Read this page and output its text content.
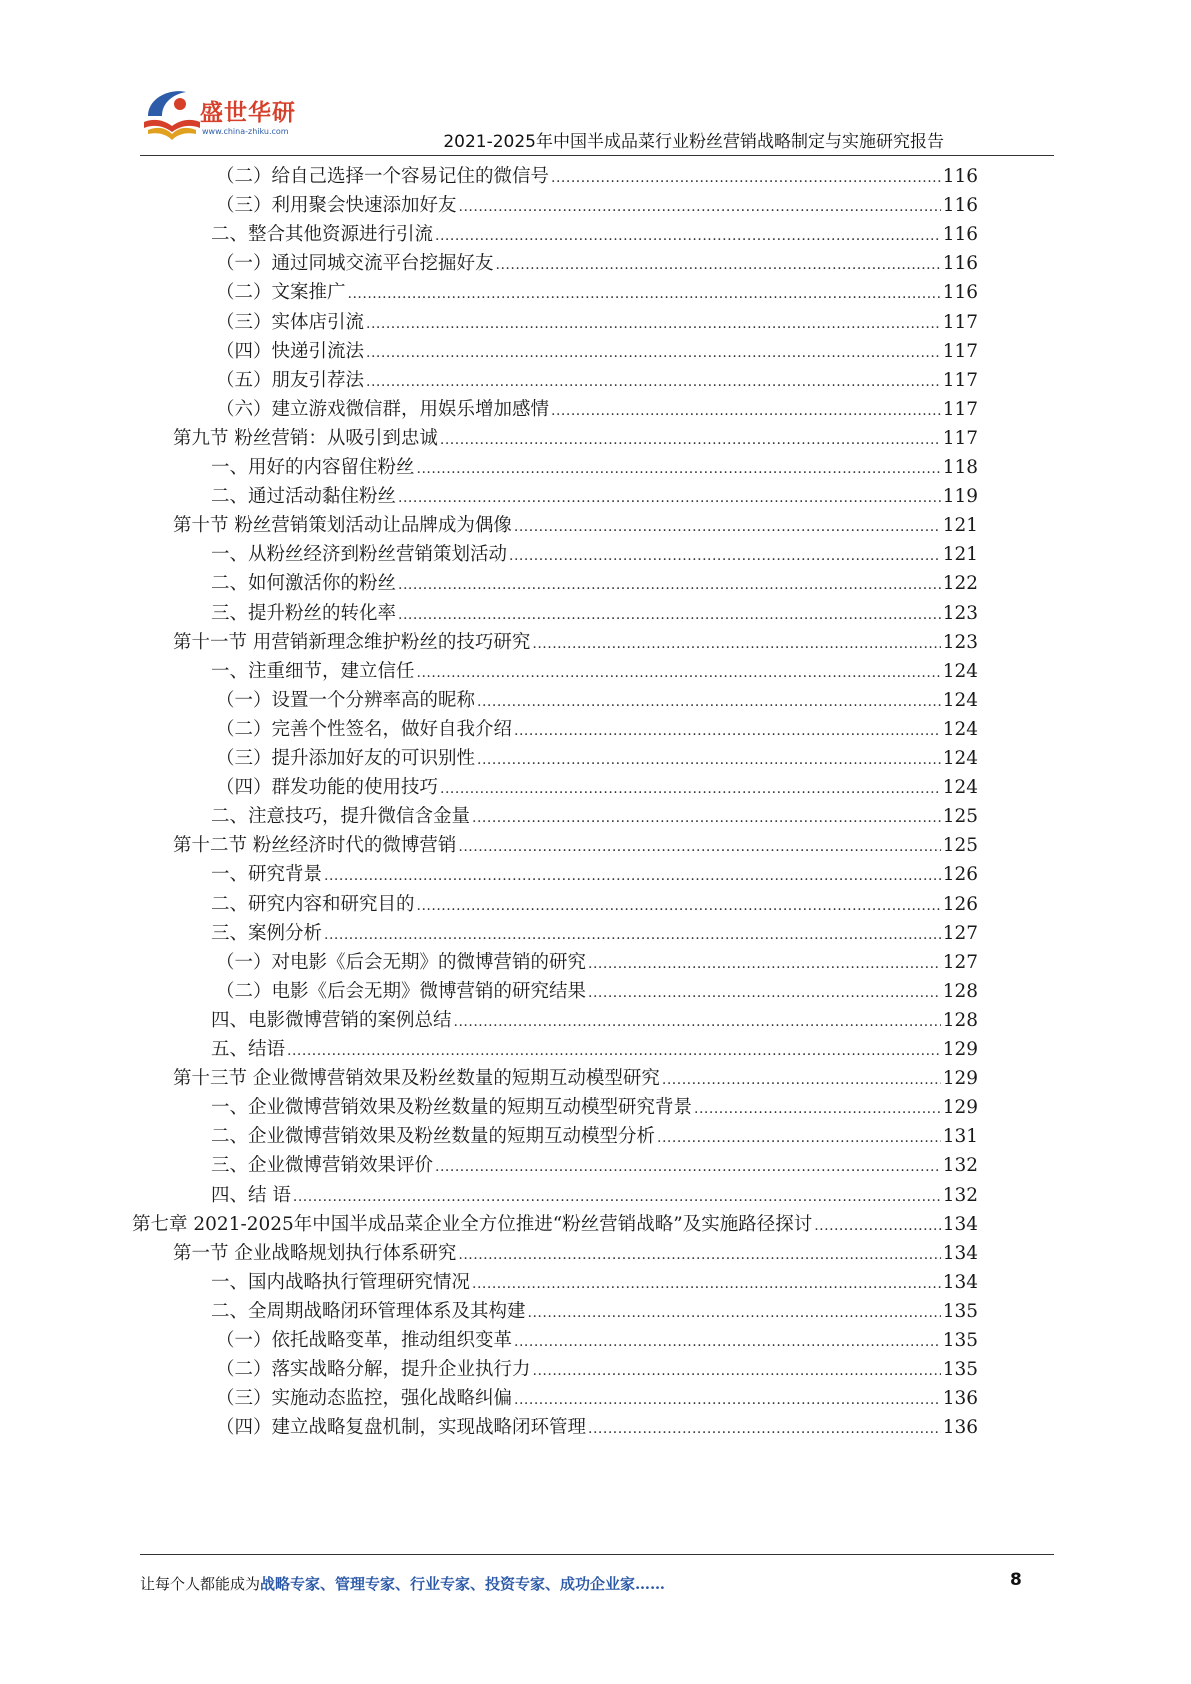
盛世华研
www.china-zhiku.com
2021-2025年中国半成品菜行业粉丝营销战略制定与实施研究报告
（二）给自己选择一个容易记住的微信号 .....	116
（三）利用聚会快速添加好友 .....	116
二、整合其他资源进行引流 .....	116
（一）通过同城交流平台挖掘好友 .....	116
（二）文案推广 .....	116
（三）实体店引流 .....	117
（四）快递引流法 .....	117
（五）朋友引荐法 .....	117
（六）建立游戏微信群，用娱乐增加感情 .....	117
第九节 粉丝营销：从吸引到忠诚 .....	117
一、用好的内容留住粉丝 .....	118
二、通过活动黏住粉丝 .....	119
第十节 粉丝营销策划活动让品牌成为偶像 .....	121
一、从粉丝经济到粉丝营销策划活动 .....	121
二、如何激活你的粉丝 .....	122
三、提升粉丝的转化率 .....	123
第十一节 用营销新理念维护粉丝的技巧研究 .....	123
一、注重细节，建立信任 .....	124
（一）设置一个分辨率高的昵称 .....	124
（二）完善个性签名，做好自我介绍 .....	124
（三）提升添加好友的可识别性 .....	124
（四）群发功能的使用技巧 .....	124
二、注意技巧，提升微信含金量 .....	125
第十二节 粉丝经济时代的微博营销 .....	125
一、研究背景 .....	126
二、研究内容和研究目的 .....	126
三、案例分析 .....	127
（一）对电影《后会无期》的微博营销的研究 .....	127
（二）电影《后会无期》微博营销的研究结果 .....	128
四、电影微博营销的案例总结 .....	128
五、结语 .....	129
第十三节 企业微博营销效果及粉丝数量的短期互动模型研究 .....	129
一、企业微博营销效果及粉丝数量的短期互动模型研究背景 .....	129
二、企业微博营销效果及粉丝数量的短期互动模型分析 .....	131
三、企业微博营销效果评价 .....	132
四、结 语 .....	132
第七章 2021-2025年中国半成品菜企业全方位推进“粉丝营销战略”及实施路径探讨 .....	134
第一节 企业战略规划执行体系研究 .....	134
一、国内战略执行管理研究情况 .....	134
二、全周期战略闭环管理体系及其构建 .....	135
（一）依托战略变革，推动组织变革 .....	135
（二）落实战略分解，提升企业执行力 .....	135
（三）实施动态监控，强化战略纠偏 .....	136
（四）建立战略复盘机制，实现战略闭环管理 .....	136
让每个人都能成为战略专家、管理专家、行业专家、投资专家、成功企业家……	8
